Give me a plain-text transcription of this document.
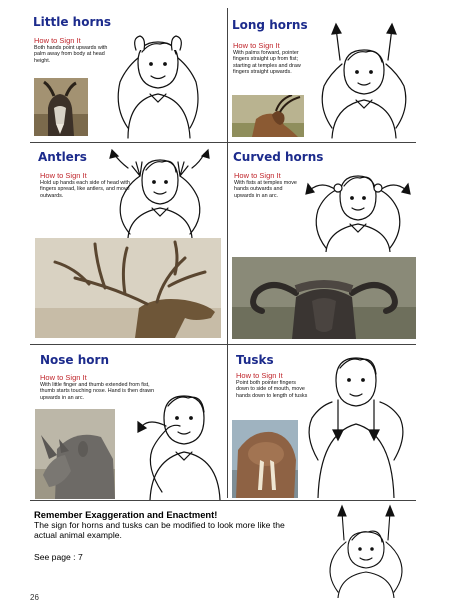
Little horns
How to Sign It
Both hands point upwards with palm away from body at head height.
Long horns
How to Sign It
With palms forward, pointer fingers straight up from fist; starting at temples and draw fingers straight upwards.
Antlers
How to Sign It
Hold up hands each side of head with fingers spread, like antlers, and move outwards.
Curved horns
How to Sign It
With fists at temples move hands outwards and upwards in an arc.
Nose horn
How to Sign It
With little finger and thumb extended from fist, thumb starts touching nose. Hand is then drawn upwards in an arc.
Tusks
How to Sign It
Point both pointer fingers down to side of mouth, move hands down to length of tusks
Remember Exaggeration and Enactment!
The sign for horns and tusks can be modified to look more like the actual animal example.
See page : 7
26
